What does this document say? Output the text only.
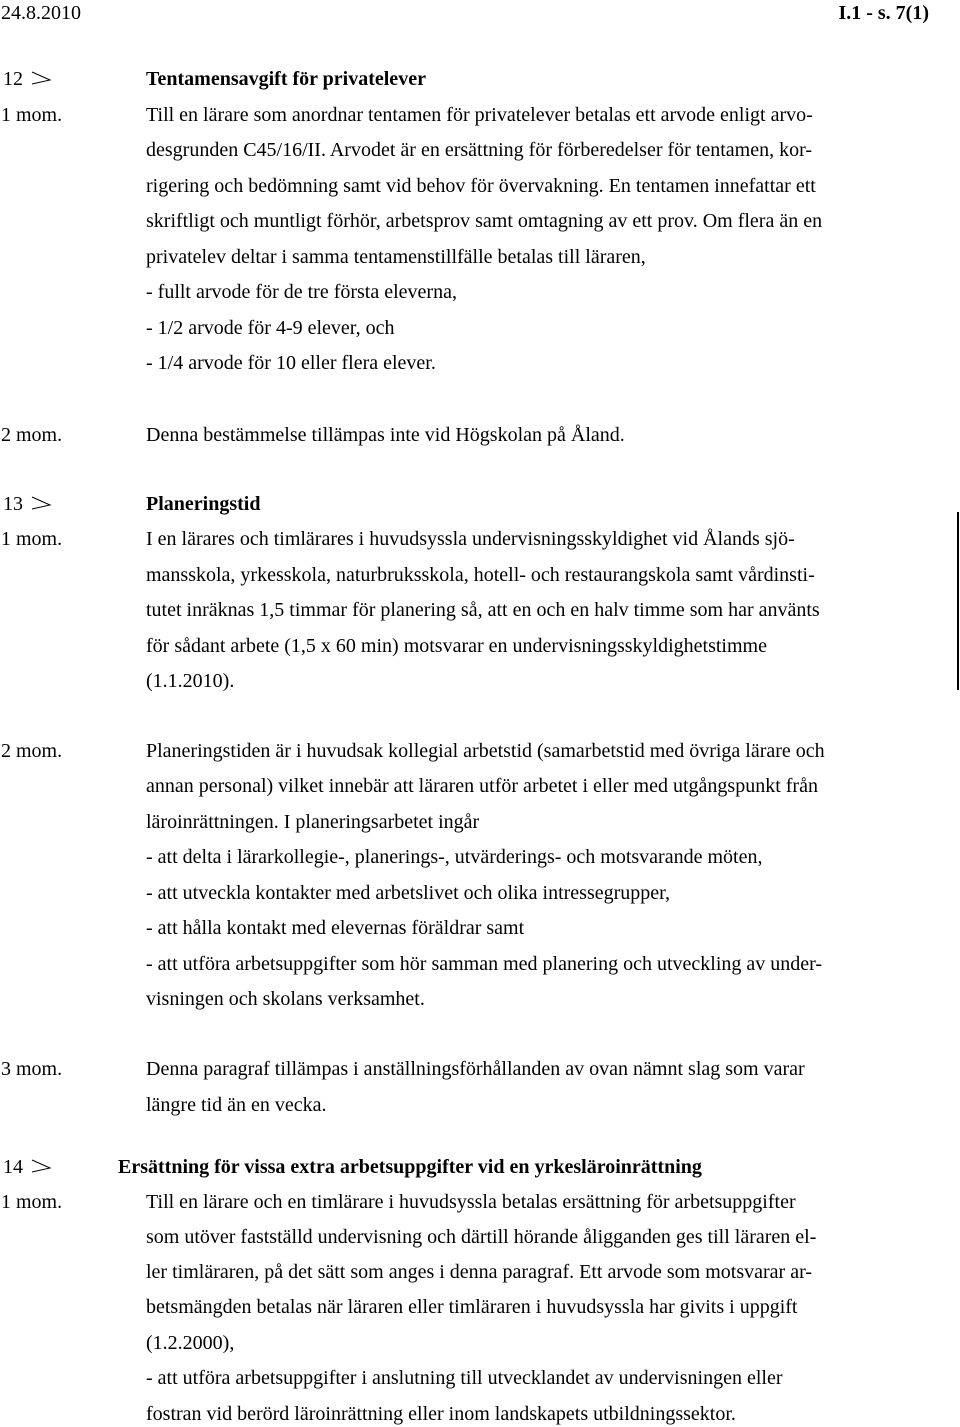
24.8.2010	I.1 - s. 7(1)
12	Tentamensavgift för privatelever
1 mom.	Till en lärare som anordnar tentamen för privatelever betalas ett arvode enligt arvo-
desgrunden C45/16/II. Arvodet är en ersättning för förberedelser för tentamen, kor-
rigering och bedömning samt vid behov för övervakning. En tentamen innefattar ett
skriftligt och muntligt förhör, arbetsprov samt omtagning av ett prov. Om flera än en
privatelev deltar i samma tentamenstillfälle betalas till läraren,
- fullt arvode för de tre första eleverna,
- 1/2 arvode för 4-9 elever, och
- 1/4 arvode för 10 eller flera elever.
2 mom.	Denna bestämmelse tillämpas inte vid Högskolan på Åland.
13	Planeringstid
1 mom.	I en lärares och timlärares i huvudsyssla undervisningsskyldighet vid Ålands sjö-
mansskola, yrkesskola, naturbruksskola, hotell- och restaurangskola samt vårdinsti-
tutet inräknas 1,5 timmar för planering så, att en och en halv timme som har använts
för sådant arbete (1,5 x 60 min) motsvarar en undervisningsskyldighetstimme
(1.1.2010).
2 mom.	Planeringstiden är i huvudsak kollegial arbetstid (samarbetstid med övriga lärare och
annan personal) vilket innebär att läraren utför arbetet i eller med utgångspunkt från
läroinrättningen. I planeringsarbetet ingår
- att delta i lärarkollegie-, planerings-, utvärderings- och motsvarande möten,
- att utveckla kontakter med arbetslivet och olika intressegrupper,
- att hålla kontakt med elevernas föräldrar samt
- att utföra arbetsuppgifter som hör samman med planering och utveckling av under-
visningen och skolans verksamhet.
3 mom.	Denna paragraf tillämpas i anställningsförhållanden av ovan nämnt slag som varar
längre tid än en vecka.
14	Ersättning för vissa extra arbetsuppgifter vid en yrkesläroinrättning
1 mom.	Till en lärare och en timlärare i huvudsyssla betalas ersättning för arbetsuppgifter
som utöver fastställd undervisning och därtill hörande åligganden ges till läraren el-
ler timläraren, på det sätt som anges i denna paragraf. Ett arvode som motsvarar ar-
betsmängden betalas när läraren eller timläraren i huvudsyssla har givits i uppgift
(1.2.2000),
- att utföra arbetsuppgifter i anslutning till utvecklandet av undervisningen eller
fostran vid berörd läroinrättning eller inom landskapets utbildningssektor.
